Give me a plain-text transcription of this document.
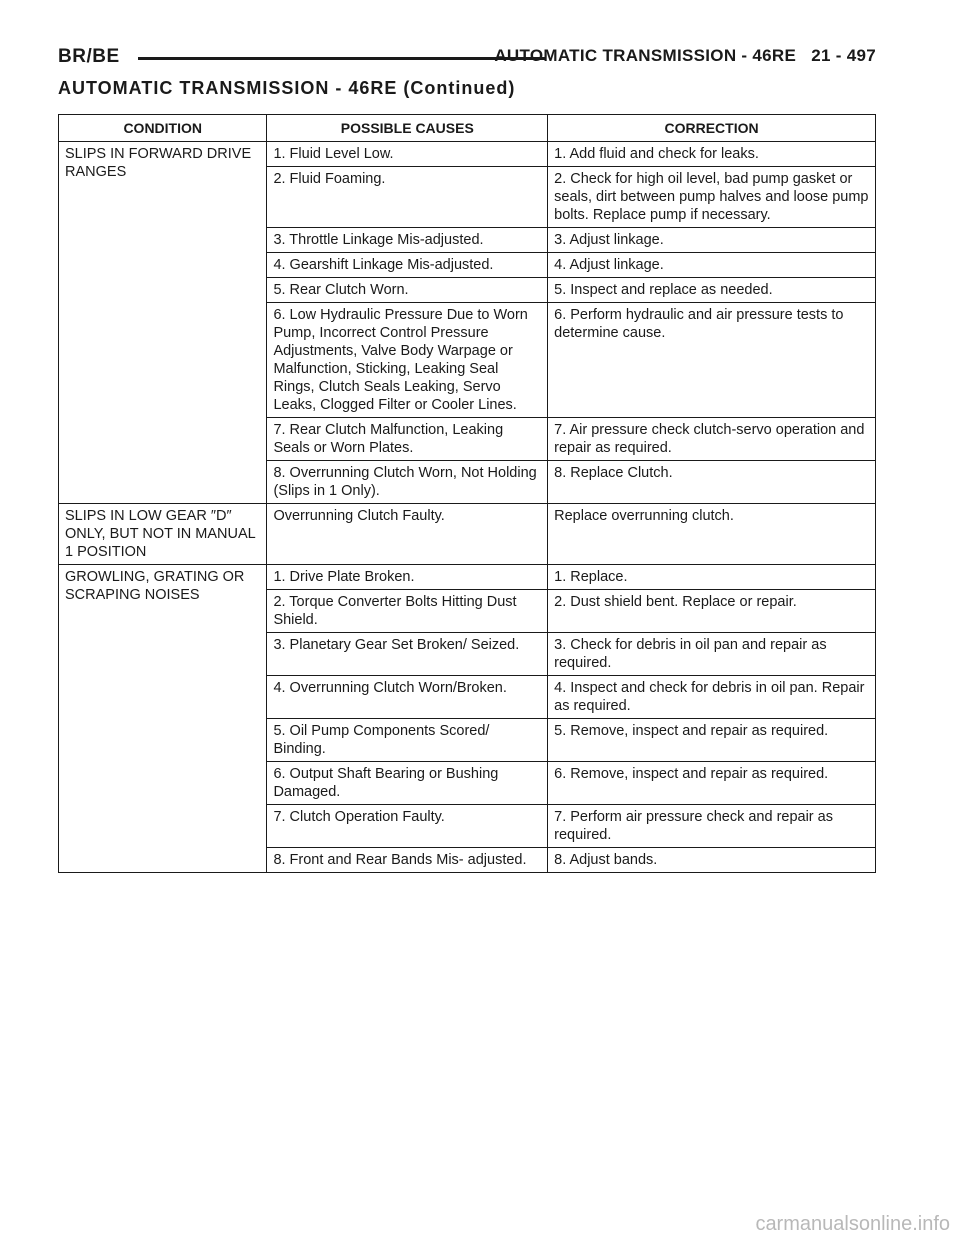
BR/BE	AUTOMATIC TRANSMISSION - 46RE   21 - 497
AUTOMATIC TRANSMISSION - 46RE (Continued)
CONDITION	POSSIBLE CAUSES	CORRECTION
SLIPS IN FORWARD DRIVE RANGES	1. Fluid Level Low.	1. Add fluid and check for leaks.
	2. Fluid Foaming.	2. Check for high oil level, bad pump gasket or seals, dirt between pump halves and loose pump bolts. Replace pump if necessary.
	3. Throttle Linkage Mis-adjusted.	3. Adjust linkage.
	4. Gearshift Linkage Mis-adjusted.	4. Adjust linkage.
	5. Rear Clutch Worn.	5. Inspect and replace as needed.
	6. Low Hydraulic Pressure Due to Worn Pump, Incorrect Control Pressure Adjustments, Valve Body Warpage or Malfunction, Sticking, Leaking Seal Rings, Clutch Seals Leaking, Servo Leaks, Clogged Filter or Cooler Lines.	6. Perform hydraulic and air pressure tests to determine cause.
	7. Rear Clutch Malfunction, Leaking Seals or Worn Plates.	7. Air pressure check clutch-servo operation and repair as required.
	8. Overrunning Clutch Worn, Not Holding (Slips in 1 Only).	8. Replace Clutch.
SLIPS IN LOW GEAR ″D″ ONLY, BUT NOT IN MANUAL 1 POSITION	Overrunning Clutch Faulty.	Replace overrunning clutch.
GROWLING, GRATING OR SCRAPING NOISES	1. Drive Plate Broken.	1. Replace.
	2. Torque Converter Bolts Hitting Dust Shield.	2. Dust shield bent. Replace or repair.
	3. Planetary Gear Set Broken/ Seized.	3. Check for debris in oil pan and repair as required.
	4. Overrunning Clutch Worn/Broken.	4. Inspect and check for debris in oil pan. Repair as required.
	5. Oil Pump Components Scored/ Binding.	5. Remove, inspect and repair as required.
	6. Output Shaft Bearing or Bushing Damaged.	6. Remove, inspect and repair as required.
	7. Clutch Operation Faulty.	7. Perform air pressure check and repair as required.
	8. Front and Rear Bands Mis- adjusted.	8. Adjust bands.
carmanualsonline.info
